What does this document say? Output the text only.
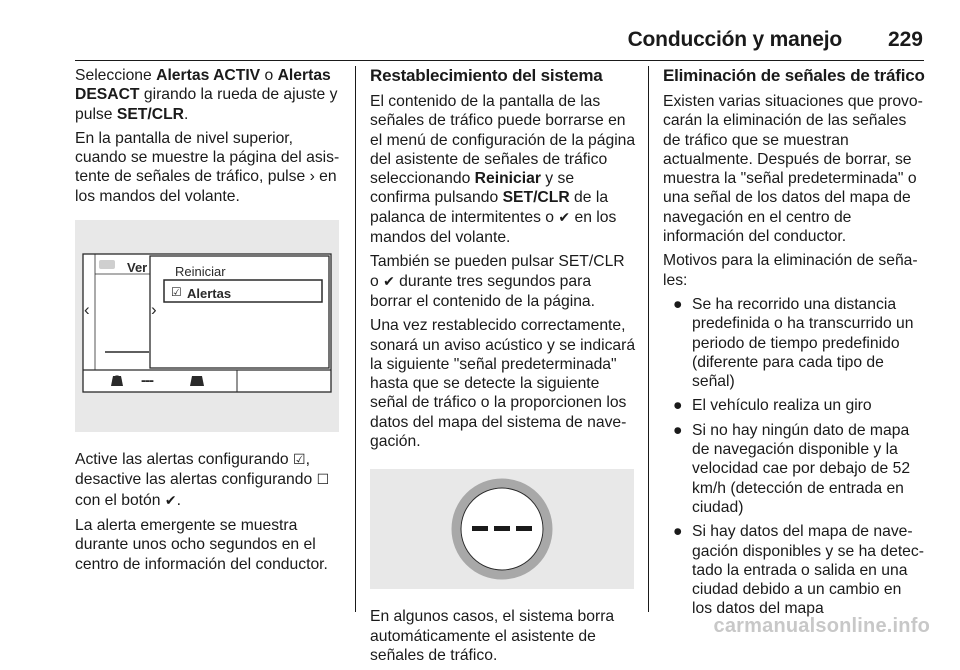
Conducción y manejo 229

Seleccione Alertas ACTIV o Alertas DESACT girando la rueda de ajuste y pulse SET/CLR.

En la pantalla de nivel superior, cuando se muestre la página del asis-tente de señales de tráfico, pulse › en los mandos del volante.

Ver Reiniciar
☑ Alertas
‹	›
---

Active las alertas configurando ☑, desactive las alertas configurando ☐ con el botón ✔.

La alerta emergente se muestra durante unos ocho segundos en el centro de información del conductor.

Restablecimiento del sistema

El contenido de la pantalla de las señales de tráfico puede borrarse en el menú de configuración de la página del asistente de señales de tráfico seleccionando Reiniciar y se confirma pulsando SET/CLR de la palanca de intermitentes o ✔ en los mandos del volante.

También se pueden pulsar SET/CLR o ✔ durante tres segundos para borrar el contenido de la página.

Una vez restablecido correctamente, sonará un aviso acústico y se indicará la siguiente "señal predeterminada" hasta que se detecte la siguiente señal de tráfico o la proporcionen los datos del mapa del sistema de nave-gación.

En algunos casos, el sistema borra automáticamente el asistente de señales de tráfico.

Eliminación de señales de tráfico

Existen varias situaciones que provo-carán la eliminación de las señales de tráfico que se muestran actualmente. Después de borrar, se muestra la "señal predeterminada" o una señal de los datos del mapa de navegación en el centro de información del conductor.

Motivos para la eliminación de seña-les:

● Se ha recorrido una distancia predefinida o ha transcurrido un periodo de tiempo predefinido (diferente para cada tipo de señal)
● El vehículo realiza un giro
● Si no hay ningún dato de mapa de navegación disponible y la velocidad cae por debajo de 52 km/h (detección de entrada en ciudad)
● Si hay datos del mapa de nave-gación disponibles y se ha detec-tado la entrada o salida en una ciudad debido a un cambio en los datos del mapa
carmanualsonline.info
